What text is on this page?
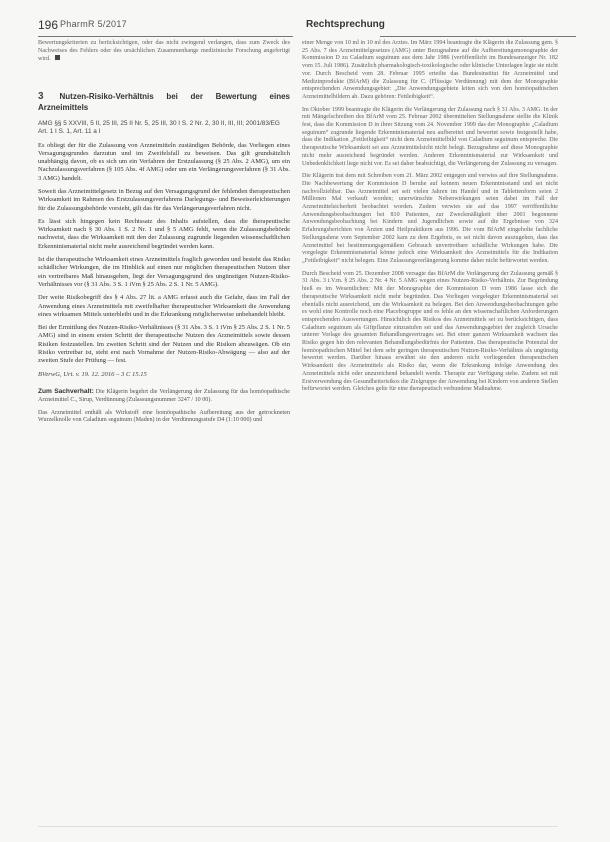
196 PharmR 5/2017	Rechtsprechung

Bewertungskriterien zu berücksichtigen, oder das nicht zwingend verlangen, dass zum Zweck des Nachweises des Fehlers oder des ursächlichen Zusammenhangs medizinische Forschung angefertigt wird.

3 Nutzen-Risiko-Verhältnis bei der Bewertung eines Arzneimittels
AMG §§ 5 XXVIII, 5 II, 25 III, 25 II Nr. 5, 25 III, 30 I S. 2 Nr. 2, 30 II, III, III; 2001/83/EG Art. 1 I S. 1, Art. 11 a I

Es obliegt der für die Zulassung von Arzneimitteln zuständigen Behörde, das Vorliegen eines Versagungsgrundes darzutun und im Zweifelsfall zu beweisen. Das gilt grundsätzlich unabhängig davon, ob es sich um ein Verfahren der Erstzulassung (§ 25 Abs. 2 AMG), um ein Nachzulassungsverfahren (§ 105 Abs. 4f AMG) oder um ein Verlängerungsverfahren (§ 31 Abs. 3 AMG) handelt.

Soweit das Arzneimittelgesetz in Bezug auf den Versagungsgrund der fehlenden therapeutischen Wirksamkeit im Rahmen des Erstzulassungsverfahrens Darlegungs- und Beweiserleichterungen für die Zulassungsbehörde vorsieht, gilt das für das Verlängerungsverfahren nicht.

Es lässt sich hingegen kein Rechtssatz des Inhalts aufstellen, dass die therapeutische Wirksamkeit nach § 30 Abs. 1 S. 2 Nr. 1 und § 5 AMG fehlt, wenn die Zulassungsbehörde nachweist, dass die Wirksamkeit mit den der Zulassung zugrunde liegenden wissenschaftlichen Erkenntnismaterial nicht mehr ausreichend begründet werden kann.

Ist die therapeutische Wirksamkeit eines Arzneimittels fraglich geworden und besteht das Risiko schädlicher Wirkungen, die im Hinblick auf einen nur möglichen therapeutischen Nutzen über ein vertretbares Maß hinausgehen, liegt der Versagungsgrund des ungünstigen Nutzen-Risiko-Verhältnisses vor (§ 31 Abs. 3 S. 1 iVm § 25 Abs. 2 S. 1 Nr. 5 AMG).

Der weite Risikobegriff des § 4 Abs. 27 lit. a AMG erfasst auch die Gefahr, dass im Fall der Anwendung eines Arzneimittels mit zweifelhafter therapeutischer Wirksamkeit die Anwendung eines wirksamen Mittels unterbleibt und in die Erkrankung möglicherweise unbehandelt bleibt.

Bei der Ermittlung des Nutzen-Risiko-Verhältnisses (§ 31 Abs. 3 S. 1 iVm § 25 Abs. 2 S. 1 Nr. 5 AMG) sind in einem ersten Schritt der therapeutische Nutzen des Arzneimittels sowie dessen Risiken festzustellen. Im zweiten Schritt sind der Nutzen und die Risiken abzuwägen. Ob ein Risiko vertretbar ist, steht erst nach Vornahme der Nutzen-Risiko-Abwägung — also auf der zweiten Stufe der Prüfung — fest.

BVerwG, Urt. v. 19. 12. 2016 – 3 C 15.15

Zum Sachverhalt: Die Klägerin begehrt die Verlängerung der Zulassung für das homöopathische Arzneimittel C., Sirup, Verdünnung (Zulassungsnummer 3247 / 10 00).

Das Arzneimittel enthält als Wirkstoff eine homöopathische Aufbereitung aus der getrockneten Wurzelknolle von Caladium seguinum (Maden) in der Verdünnungsstufe D4 (1:10 000) und

einer Menge von 10 ml in 10 ml des Arztes. Im März 1994 beantragte die Klägerin die Zulassung gem. § 25 Abs. 7 des Arzneimittelgesetzes (AMG) unter Bezugnahme auf die Aufbereitungsmonographie der Kommission D zu Caladium seguinum aus dem Jahr 1986 (veröffentlicht im Bundesanzeiger Nr. 182 vom 15. Juli 1986). Zusätzlich pharmakologisch-toxikologische oder klinische Unterlagen legte sie nicht vor. Durch Bescheid vom 28. Februar 1995 erteilte das Bundesinstitut für Arzneimittel und Medizinprodukte (BfArM) die Zulassung für C. (Flüssige Verdünnung) mit dem der Monographie entsprechenden Anwendungsgebiet: „Die Anwendungsgebiete leiten sich von den homöopathischen Arzneimittelbildern ab. Dazu gehören: Fettleibigkeit“.

Im Oktober 1999 beantragte die Klägerin die Verlängerung der Zulassung nach § 31 Abs. 3 AMG. In der mit Mängelschreiben des BfArM vom 25. Februar 2002 übermittelten Stellungnahme stellte die Klinik fest, dass die Kommission D in ihrer Sitzung vom 24. November 1999 das der Monographie „Caladium seguinum“ zugrunde liegende Erkenntnismaterial neu aufbereitet und bewertet sowie festgestellt habe, dass die Indikation „Fettleibigkeit“ nicht dem Arzneimittelbild von Caladium seguinum entspreche. Die therapeutische Wirksamkeit sei aus Arzneimittelsicht nicht belegt. Bezugnahme auf diese Monographie nicht mehr ausreichend begründet werden. Anderen Erkenntnismaterial zur Wirksamkeit und Unbedenklichkeit liege nicht vor. Es sei daher beabsichtigt, die Verlängerung der Zulassung zu versagen.

Die Klägerin trat dem mit Schreiben vom 21. März 2002 entgegen und verwies auf ihre Stellungnahme. Die Nachbewertung der Kommission D beruhe auf keinem neuen Erkenntnisstand und sei nicht nachvollziehbar. Das Arzneimittel sei seit vielen Jahren im Handel und in Tablettenform seien 2 Millionen Mal verkauft worden; unerwünschte Nebenwirkungen seien dabei im Fall der Arzneimittelsicherheit beobachtet worden. Zudem verwies sie auf das 1997 veröffentlichte Anwendungsbeobachtungen bei 810 Patienten, zur Zweckmäßigkeit über 2001 begonnene Anwendungsbeobachtung bei Kindern und Jugendlichen sowie auf die Ergebnisse von 324 Erfahrungsberichten von Ärzten und Heilpraktikern aus 1996. Die vom BfArM eingeholte fachliche Stellungnahme vom September 2002 kam zu dem Ergebnis, es sei nicht davon auszugehen, dass das Arzneimittel bei bestimmungsgemäßem Gebrauch unvertretbare schädliche Wirkungen habe. Die vorgelegte Erkenntnismaterial könne jedoch eine Wirksamkeit des Arzneimittels für die Indikation „Fettleibigkeit“ nicht belegen. Eine Zulassungsverlängerung komme daher nicht befürwortet werden.

Durch Bescheid vom 25. Dezember 2008 versagte das BfArM die Verlängerung der Zulassung gemäß § 31 Abs. 3 i.V.m. § 25 Abs. 2 Nr. 4 Nr. 5 AMG wegen eines Nutzen-Risiko-Verhältnis. Zur Begründung hieß es im Wesentlichen: Mit der Monographie der Kommission D vom 1986 lasse sich die therapeutische Wirksamkeit nicht mehr begründen. Das Vorliegen vorgelegter Erkenntnismaterial sei ebenfalls nicht ausreichend, um die Wirksamkeit zu belegen. Bei den Anwendungsbeobachtungen gebe es wohl eine Kontrolle noch eine Placebogruppe und es fehle an den wissenschaftlichen Anforderungen entsprechenden Auswertungen. Hinsichtlich des Risikos des Arzneimittels sei zu berücksichtigen, dass Caladium seguinum als Giftpflanze einzustufen sei und das Anwendungsgebiet der zugleich Ursache unterer Vorlage des gesamten Behandlungsvertrages sei. Bei einer ganzen Wirksamkeit wachsen das Risiko gegen hin den relevanten Behandlungsbedürfnis der Patienten. Das therapeutische Potenzial der homöopathischen Mittel bei dem sehr geringen therapeutischen Nutzen-Risiko-Verhältnis als ungünstig bewertet werden. Darüber hinaus erwähnt sie den anderen nicht vorliegenden therapeutischen Wirksamkeit des Arzneimittels als Risiko dar, wenn die Erkrankung infolge Anwendung des Arzneimittels nicht oder unzureichend behandelt werde. Therapie zur Verfügung stehe. Zudem sei mit Erstverwendung des Gesundheitsrisikos die Zielgruppe der Anwendung bei Kindern von anderen Stellen befürwortet werden. Gleiches gelte für eine therapeutisch verbundene Maßnahme.
